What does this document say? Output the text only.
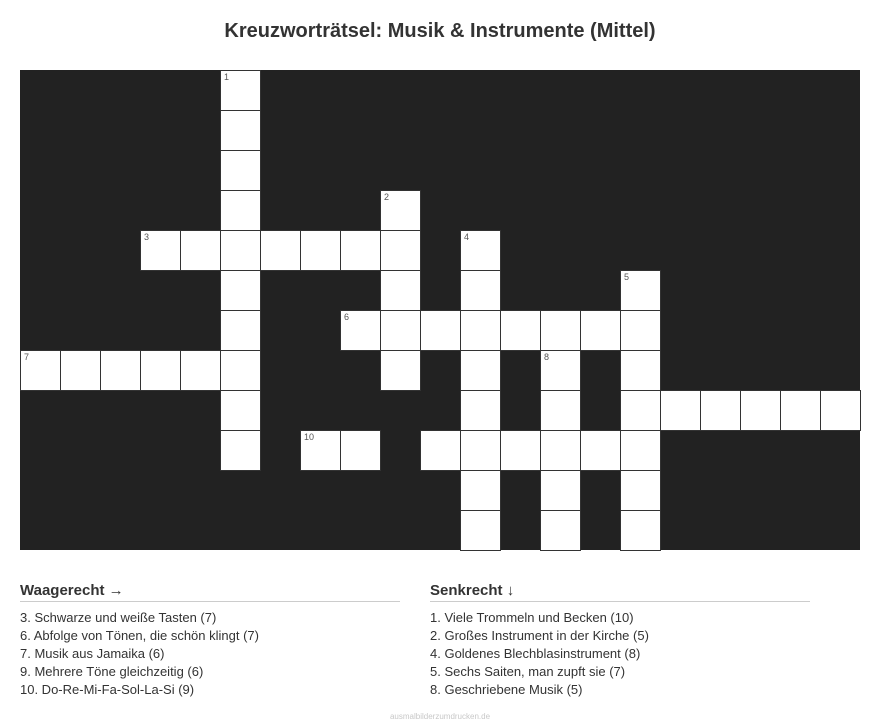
Kreuzworträtsel: Musik & Instrumente (Mittel)
1
3
2
4
5
6
7	8
10
Waagerecht →
3. Schwarze und weiße Tasten (7)
6. Abfolge von Tönen, die schön klingt (7)
7. Musik aus Jamaika (6)
9. Mehrere Töne gleichzeitig (6)
10. Do-Re-Mi-Fa-Sol-La-Si (9)
Senkrecht ↓
1. Viele Trommeln und Becken (10)
2. Großes Instrument in der Kirche (5)
4. Goldenes Blechblasinstrument (8)
5. Sechs Saiten, man zupft sie (7)
8. Geschriebene Musik (5)
ausmalbilderzumdrucken.de
